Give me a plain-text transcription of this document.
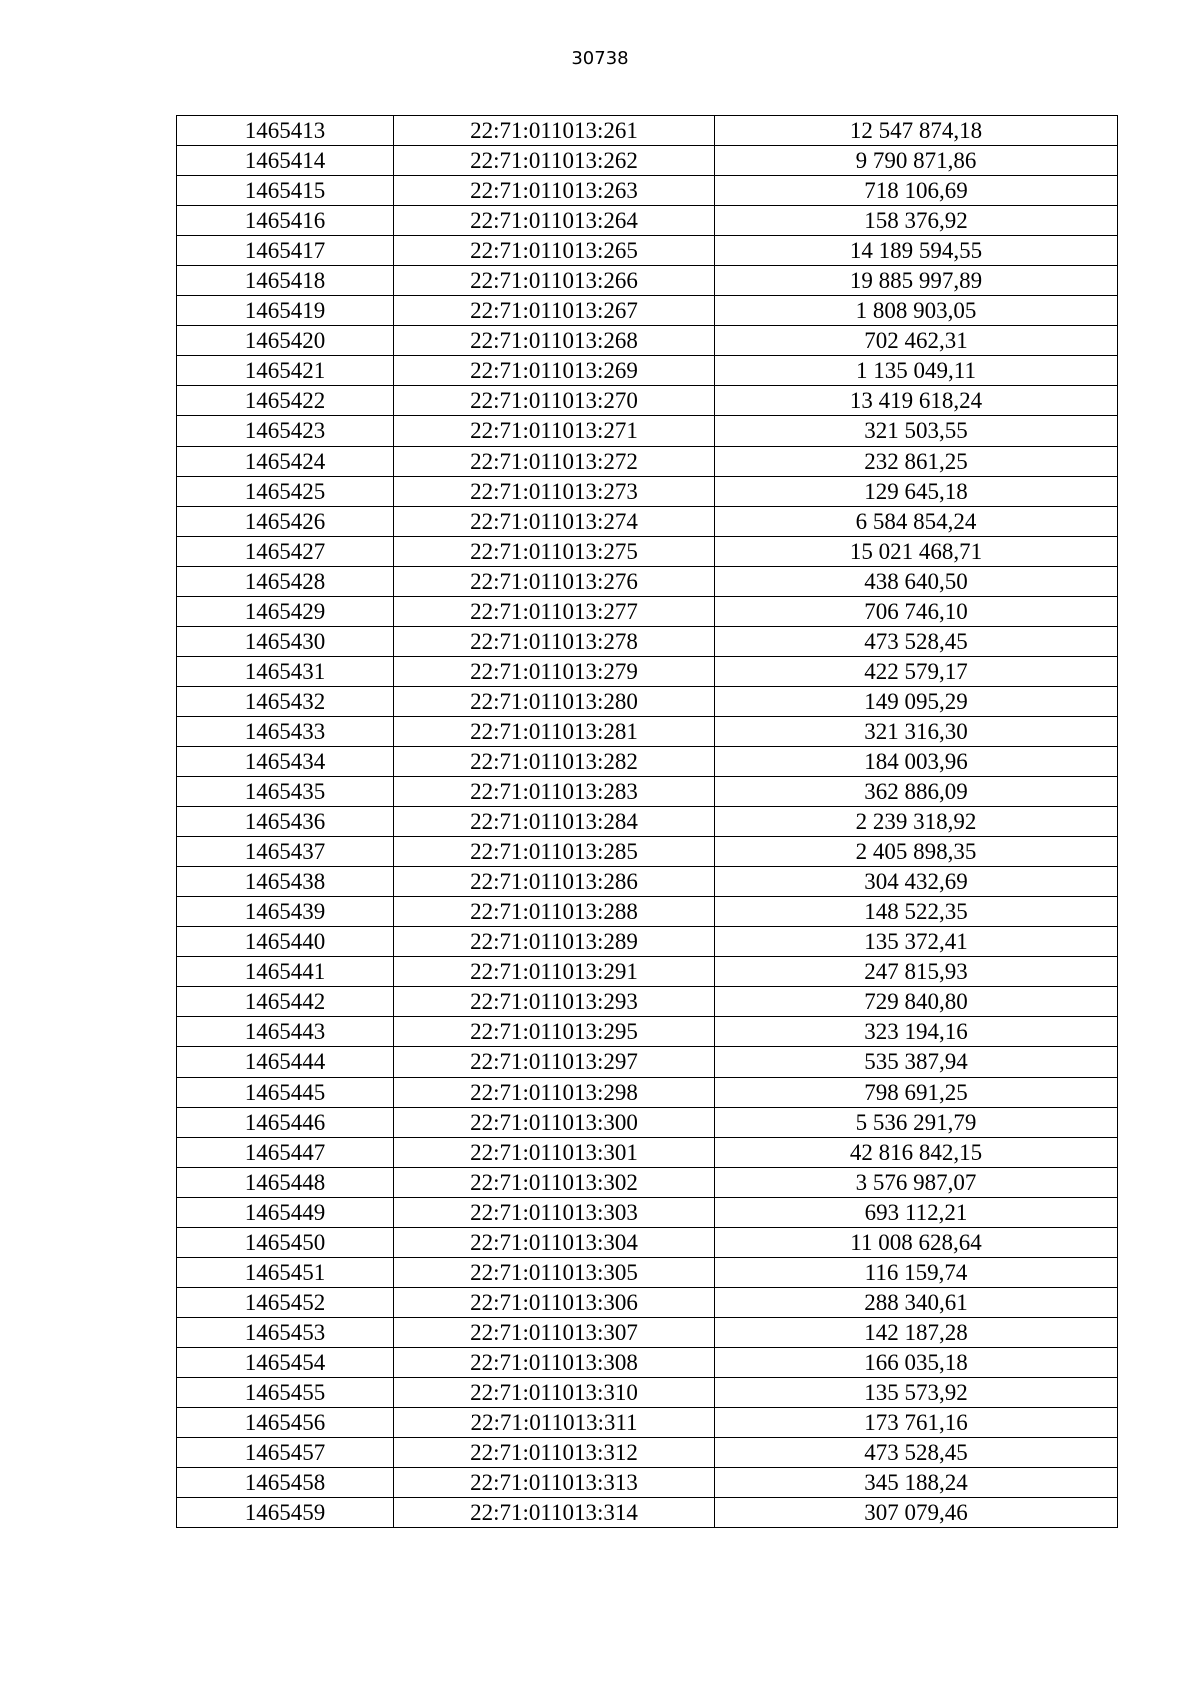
30738
1465413	22:71:011013:261	12 547 874,18
1465414	22:71:011013:262	9 790 871,86
1465415	22:71:011013:263	718 106,69
1465416	22:71:011013:264	158 376,92
1465417	22:71:011013:265	14 189 594,55
1465418	22:71:011013:266	19 885 997,89
1465419	22:71:011013:267	1 808 903,05
1465420	22:71:011013:268	702 462,31
1465421	22:71:011013:269	1 135 049,11
1465422	22:71:011013:270	13 419 618,24
1465423	22:71:011013:271	321 503,55
1465424	22:71:011013:272	232 861,25
1465425	22:71:011013:273	129 645,18
1465426	22:71:011013:274	6 584 854,24
1465427	22:71:011013:275	15 021 468,71
1465428	22:71:011013:276	438 640,50
1465429	22:71:011013:277	706 746,10
1465430	22:71:011013:278	473 528,45
1465431	22:71:011013:279	422 579,17
1465432	22:71:011013:280	149 095,29
1465433	22:71:011013:281	321 316,30
1465434	22:71:011013:282	184 003,96
1465435	22:71:011013:283	362 886,09
1465436	22:71:011013:284	2 239 318,92
1465437	22:71:011013:285	2 405 898,35
1465438	22:71:011013:286	304 432,69
1465439	22:71:011013:288	148 522,35
1465440	22:71:011013:289	135 372,41
1465441	22:71:011013:291	247 815,93
1465442	22:71:011013:293	729 840,80
1465443	22:71:011013:295	323 194,16
1465444	22:71:011013:297	535 387,94
1465445	22:71:011013:298	798 691,25
1465446	22:71:011013:300	5 536 291,79
1465447	22:71:011013:301	42 816 842,15
1465448	22:71:011013:302	3 576 987,07
1465449	22:71:011013:303	693 112,21
1465450	22:71:011013:304	11 008 628,64
1465451	22:71:011013:305	116 159,74
1465452	22:71:011013:306	288 340,61
1465453	22:71:011013:307	142 187,28
1465454	22:71:011013:308	166 035,18
1465455	22:71:011013:310	135 573,92
1465456	22:71:011013:311	173 761,16
1465457	22:71:011013:312	473 528,45
1465458	22:71:011013:313	345 188,24
1465459	22:71:011013:314	307 079,46
